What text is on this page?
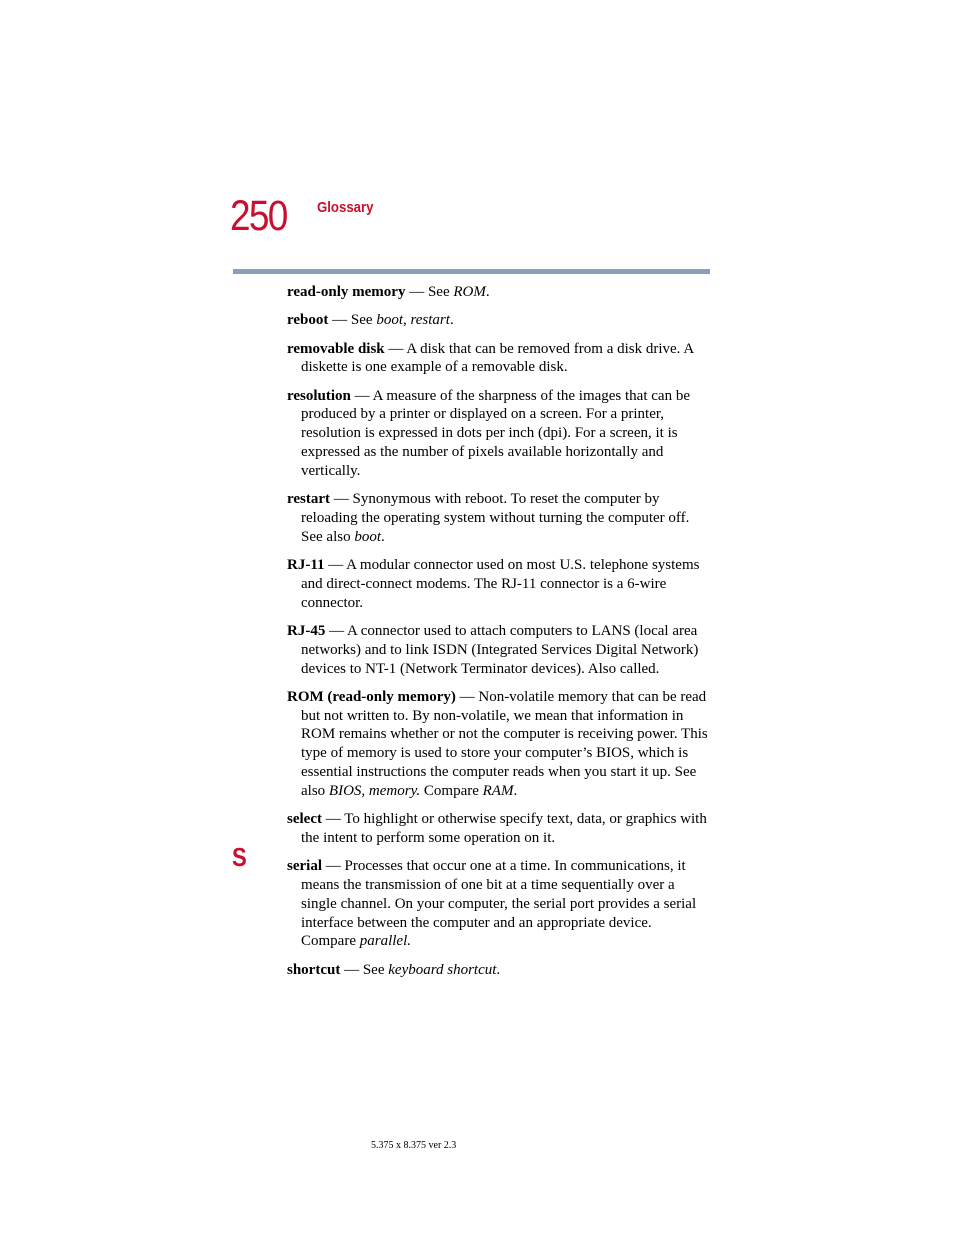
250 Glossary
S

read-only memory — See ROM.

reboot — See boot, restart.

removable disk — A disk that can be removed from a disk drive. A diskette is one example of a removable disk.

resolution — A measure of the sharpness of the images that can be produced by a printer or displayed on a screen. For a printer, resolution is expressed in dots per inch (dpi). For a screen, it is expressed as the number of pixels available horizontally and vertically.

restart — Synonymous with reboot. To reset the computer by reloading the operating system without turning the computer off. See also boot.

RJ-11 — A modular connector used on most U.S. telephone systems and direct-connect modems. The RJ-11 connector is a 6-wire connector.

RJ-45 — A connector used to attach computers to LANS (local area networks) and to link ISDN (Integrated Services Digital Network) devices to NT-1 (Network Terminator devices). Also called.

ROM (read-only memory) — Non-volatile memory that can be read but not written to. By non-volatile, we mean that information in ROM remains whether or not the computer is receiving power. This type of memory is used to store your computer’s BIOS, which is essential instructions the computer reads when you start it up. See also BIOS, memory. Compare RAM.

select — To highlight or otherwise specify text, data, or graphics with the intent to perform some operation on it.

serial — Processes that occur one at a time. In communications, it means the transmission of one bit at a time sequentially over a single channel. On your computer, the serial port provides a serial interface between the computer and an appropriate device. Compare parallel.

shortcut — See keyboard shortcut.

5.375 x 8.375 ver 2.3
